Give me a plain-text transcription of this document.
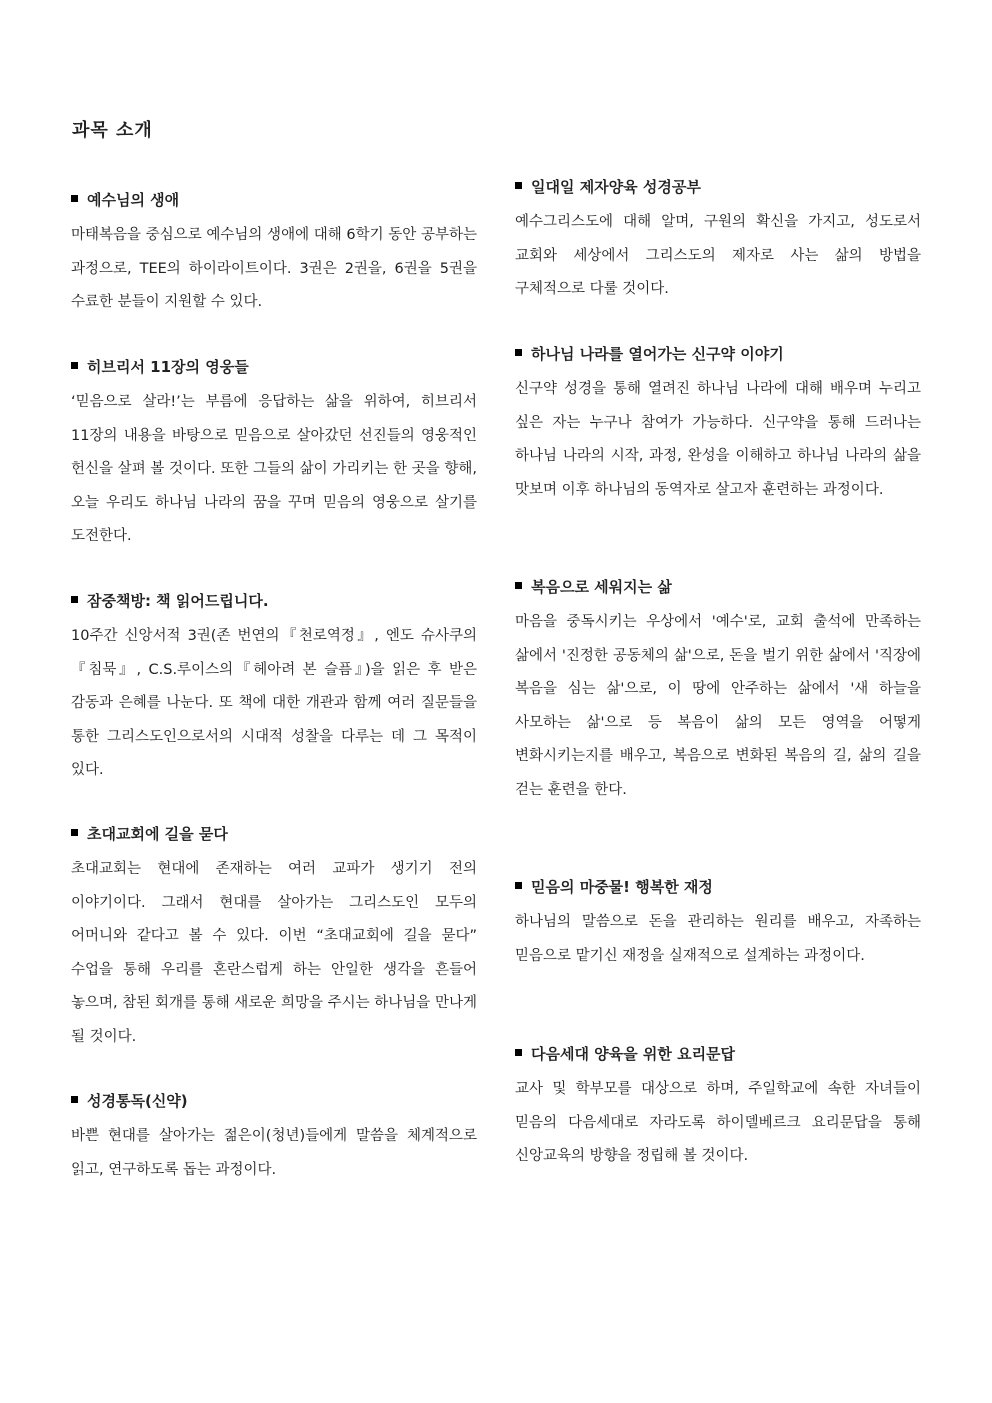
과목 소개
예수님의 생애

마태복음을 중심으로 예수님의 생애에 대해 6학기 동안 공부하는 과정으로, TEE의 하이라이트이다. 3권은 2권을, 6권을 5권을 수료한 분들이 지원할 수 있다.

히브리서 11장의 영웅들

‘믿음으로 살라!’는 부름에 응답하는 삶을 위하여, 히브리서 11장의 내용을 바탕으로 믿음으로 살아갔던 선진들의 영웅적인 헌신을 살펴 볼 것이다. 또한 그들의 삶이 가리키는 한 곳을 향해, 오늘 우리도 하나님 나라의 꿈을 꾸며 믿음의 영웅으로 살기를 도전한다.

잠중책방: 책 읽어드립니다.

10주간 신앙서적 3권(존 번연의『천로역정』, 엔도 슈사쿠의『침묵』, C.S.루이스의『헤아려 본 슬픔』)을 읽은 후 받은 감동과 은혜를 나눈다. 또 책에 대한 개관과 함께 여러 질문들을 통한 그리스도인으로서의 시대적 성찰을 다루는 데 그 목적이 있다.

초대교회에 길을 묻다

초대교회는 현대에 존재하는 여러 교파가 생기기 전의 이야기이다. 그래서 현대를 살아가는 그리스도인 모두의 어머니와 같다고 볼 수 있다. 이번 “초대교회에 길을 묻다” 수업을 통해 우리를 혼란스럽게 하는 안일한 생각을 흔들어 놓으며, 참된 회개를 통해 새로운 희망을 주시는 하나님을 만나게 될 것이다.

성경통독(신약)

바쁜 현대를 살아가는 젊은이(청년)들에게 말씀을 체계적으로 읽고, 연구하도록 돕는 과정이다.

일대일 제자양육 성경공부

예수그리스도에 대해 알며, 구원의 확신을 가지고, 성도로서 교회와 세상에서 그리스도의 제자로 사는 삶의 방법을 구체적으로 다룰 것이다.

하나님 나라를 열어가는 신구약 이야기

신구약 성경을 통해 열려진 하나님 나라에 대해 배우며 누리고 싶은 자는 누구나 참여가 가능하다. 신구약을 통해 드러나는 하나님 나라의 시작, 과정, 완성을 이해하고 하나님 나라의 삶을 맛보며 이후 하나님의 동역자로 살고자 훈련하는 과정이다.

복음으로 세워지는 삶

마음을 중독시키는 우상에서 '예수'로, 교회 출석에 만족하는 삶에서 '진정한 공동체의 삶'으로, 돈을 벌기 위한 삶에서 '직장에 복음을 심는 삶'으로, 이 땅에 안주하는 삶에서 '새 하늘을 사모하는 삶'으로 등 복음이 삶의 모든 영역을 어떻게 변화시키는지를 배우고, 복음으로 변화된 복음의 길, 삶의 길을 걷는 훈련을 한다.

믿음의 마중물! 행복한 재정

하나님의 말씀으로 돈을 관리하는 원리를 배우고, 자족하는 믿음으로 맡기신 재정을 실재적으로 설계하는 과정이다.

다음세대 양육을 위한 요리문답

교사 및 학부모를 대상으로 하며, 주일학교에 속한 자녀들이 믿음의 다음세대로 자라도록 하이델베르크 요리문답을 통해 신앙교육의 방향을 정립해 볼 것이다.
